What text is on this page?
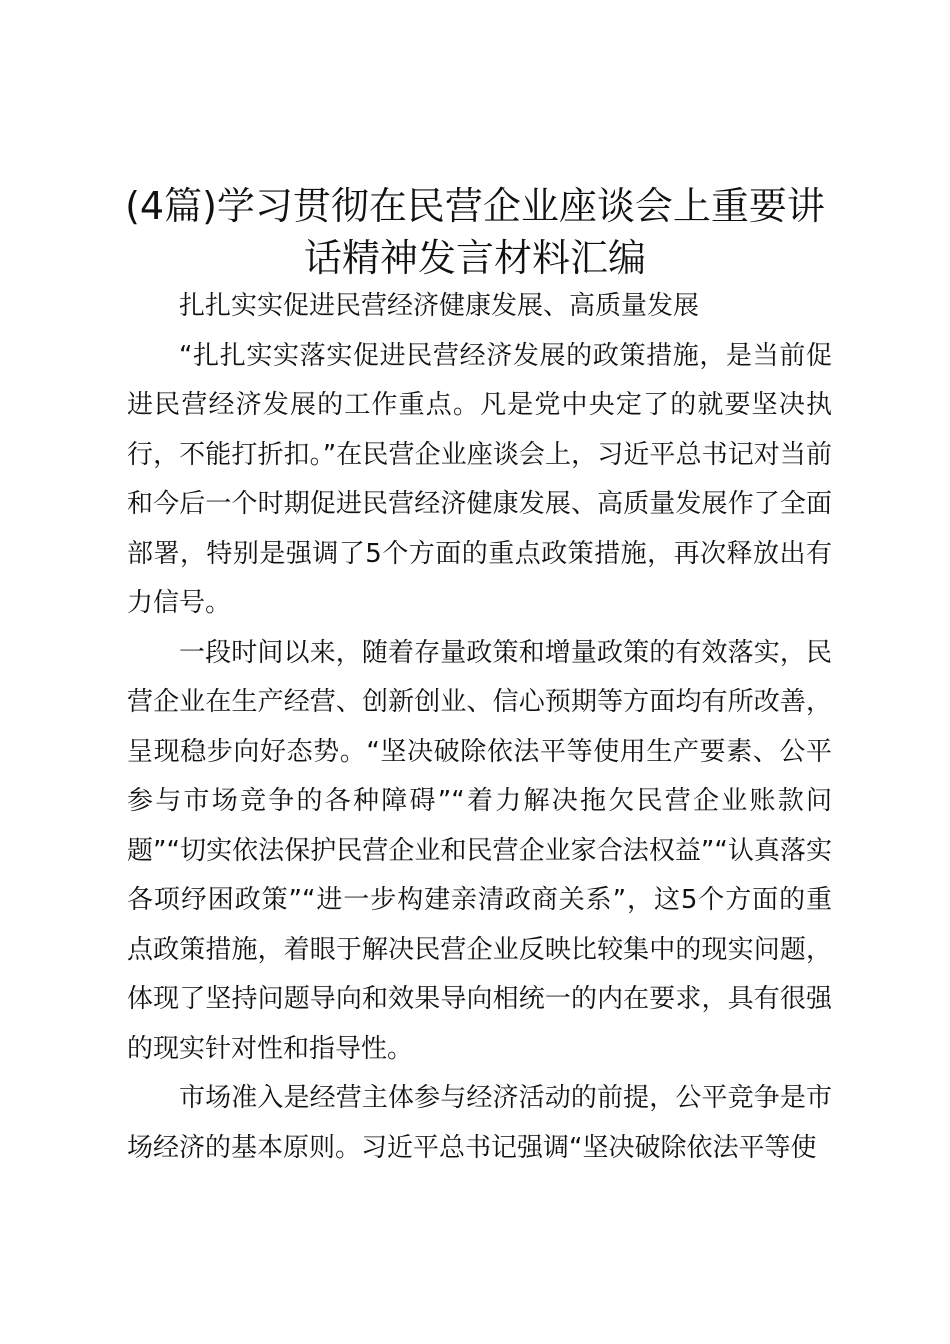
(4篇)学习贯彻在民营企业座谈会上重要讲话精神发言材料汇编

扎扎实实促进民营经济健康发展、高质量发展

“扎扎实实落实促进民营经济发展的政策措施，是当前促进民营经济发展的工作重点。凡是党中央定了的就要坚决执行，不能打折扣。”在民营企业座谈会上，习近平总书记对当前和今后一个时期促进民营经济健康发展、高质量发展作了全面部署，特别是强调了5个方面的重点政策措施，再次释放出有力信号。

一段时间以来，随着存量政策和增量政策的有效落实，民营企业在生产经营、创新创业、信心预期等方面均有所改善，呈现稳步向好态势。“坚决破除依法平等使用生产要素、公平参与市场竞争的各种障碍”“着力解决拖欠民营企业账款问题”“切实依法保护民营企业和民营企业家合法权益”“认真落实各项纾困政策”“进一步构建亲清政商关系”，这5个方面的重点政策措施，着眼于解决民营企业反映比较集中的现实问题，体现了坚持问题导向和效果导向相统一的内在要求，具有很强的现实针对性和指导性。

市场准入是经营主体参与经济活动的前提，公平竞争是市场经济的基本原则。习近平总书记强调“坚决破除依法平等使
